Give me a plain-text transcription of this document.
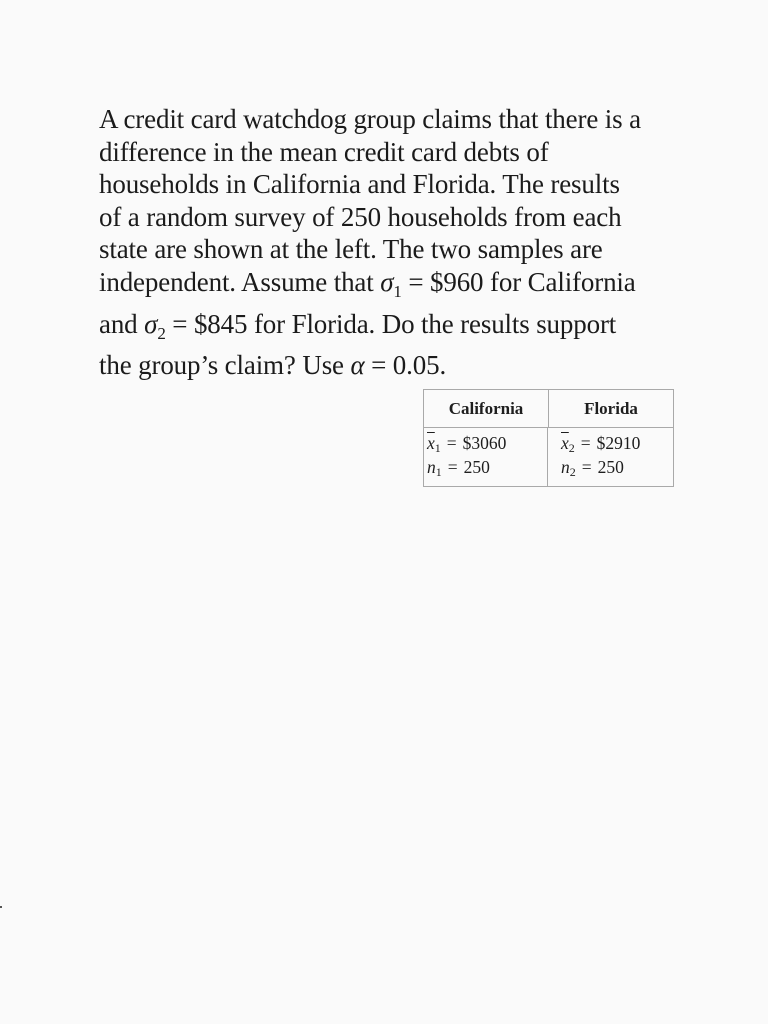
A credit card watchdog group claims that there is a
difference in the mean credit card debts of
households in California and Florida. The results
of a random survey of 250 households from each
state are shown at the left. The two samples are
independent. Assume that $\sigma_1$ = $960 for California
and $\sigma_2$ = $845 for Florida. Do the results support
the group’s claim? Use α = 0.05.
California	Florida
$\overline{x}1$ = $3060
n1 = 250
$\overline{x}2$ = $2910
n2 = 250
